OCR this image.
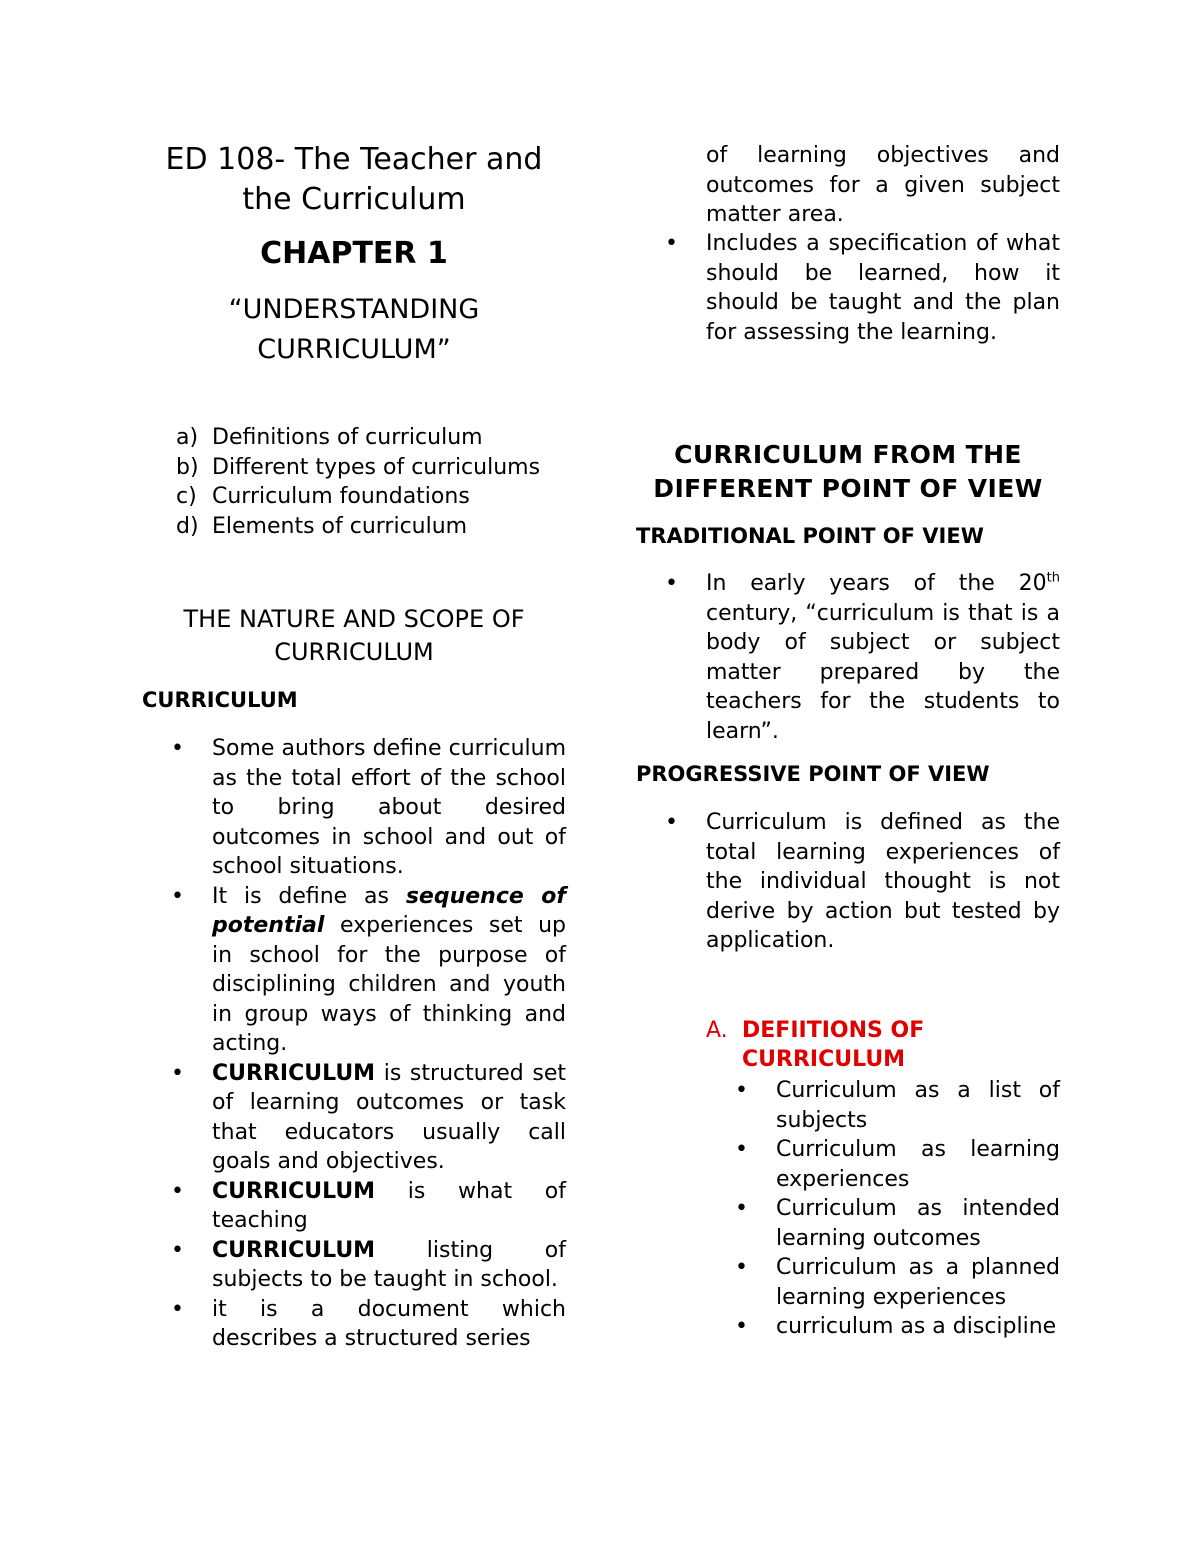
ED 108- The Teacher and
the Curriculum
CHAPTER 1
“UNDERSTANDING
CURRICULUM”
a) Definitions of curriculum
b) Different types of curriculums
c) Curriculum foundations
d) Elements of curriculum
THE NATURE AND SCOPE OF
CURRICULUM
CURRICULUM
• Some authors define curriculum as the total effort of the school to bring about desired outcomes in school and out of school situations.
• It is define as sequence of potential experiences set up in school for the purpose of disciplining children and youth in group ways of thinking and acting.
• CURRICULUM is structured set of learning outcomes or task that educators usually call goals and objectives.
• CURRICULUM is what of teaching
• CURRICULUM listing of subjects to be taught in school.
• it is a document which describes a structured series
of learning objectives and outcomes for a given subject matter area.
• Includes a specification of what should be learned, how it should be taught and the plan for assessing the learning.
CURRICULUM FROM THE
DIFFERENT POINT OF VIEW
TRADITIONAL POINT OF VIEW
• In early years of the 20th century, “curriculum is that is a body of subject or subject matter prepared by the teachers for the students to learn”.
PROGRESSIVE POINT OF VIEW
• Curriculum is defined as the total learning experiences of the individual thought is not derive by action but tested by application.
A. DEFIITIONS OF CURRICULUM
• Curriculum as a list of subjects
• Curriculum as learning experiences
• Curriculum as intended learning outcomes
• Curriculum as a planned learning experiences
• curriculum as a discipline
